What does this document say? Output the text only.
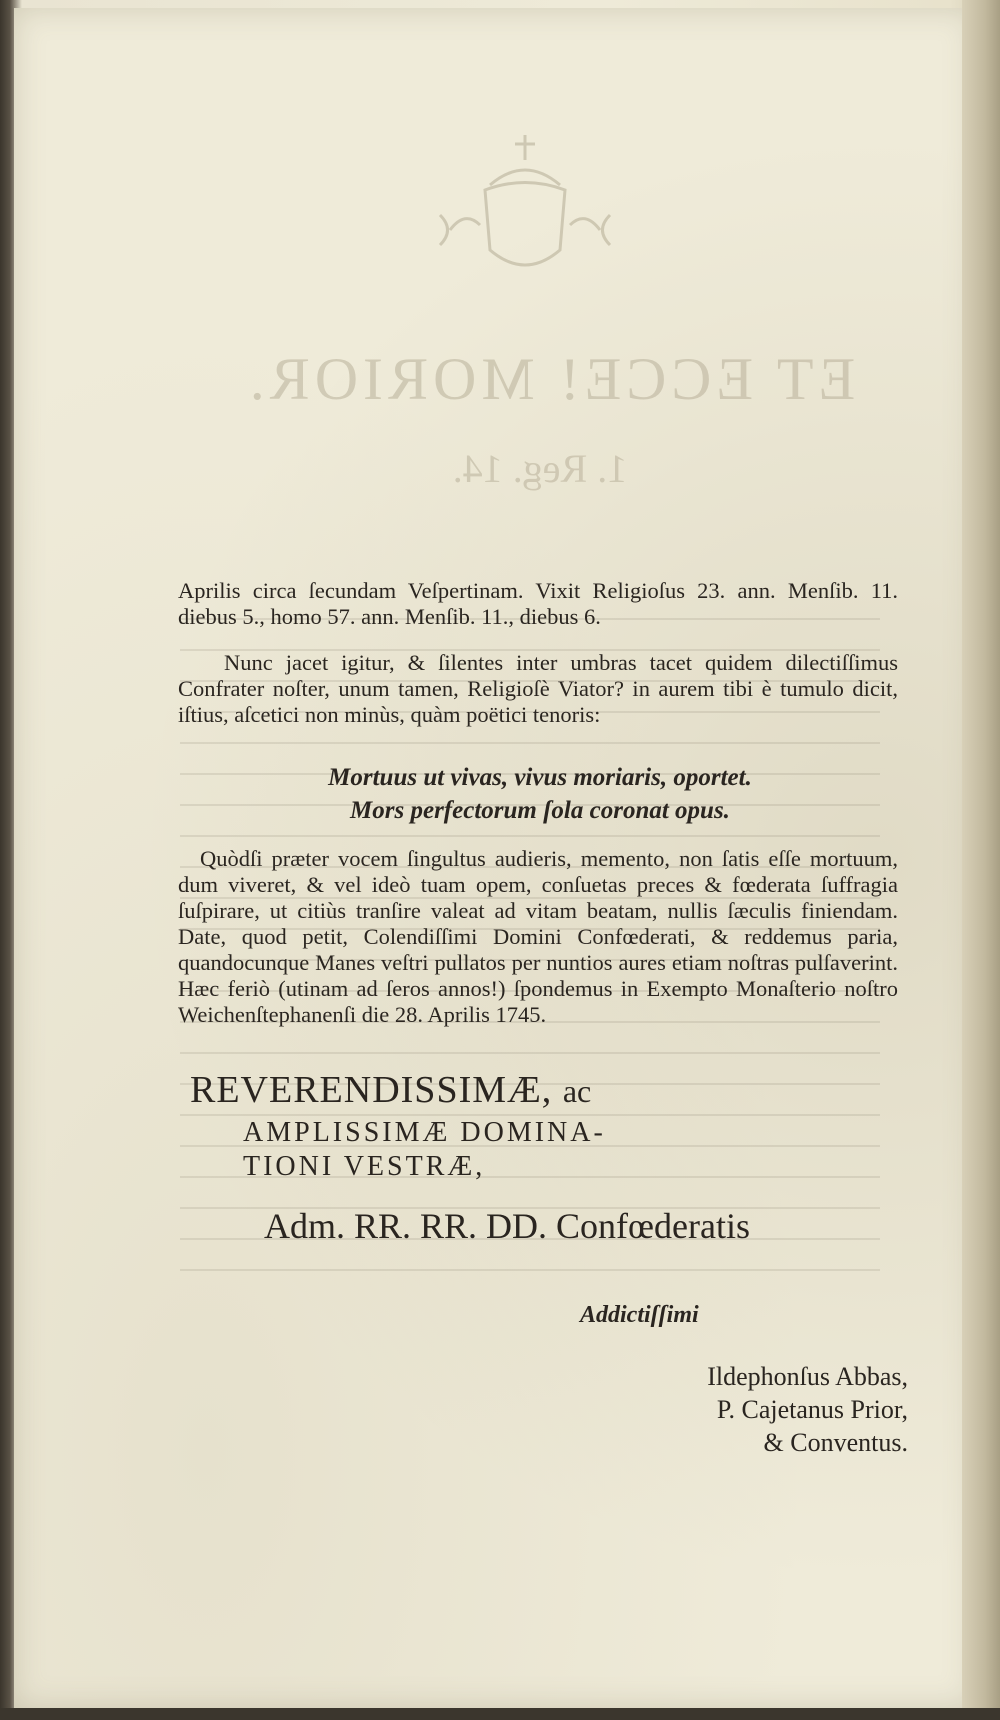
ET ECCE! MORIOR.
1. Reg. 14.

Aprilis circa ſecundam Veſpertinam. Vixit Religioſus 23. ann. Menſib. 11. diebus 5., homo 57. ann. Menſib. 11., diebus 6.

Nunc jacet igitur, & ſilentes inter umbras tacet quidem dilectiſſimus Confrater noſter, unum tamen, Religioſè Viator? in aurem tibi è tumulo dicit, iſtius, aſcetici non minùs, quàm poëtici tenoris:

Mortuus ut vivas, vivus moriaris, oportet.
Mors perfectorum ſola coronat opus.

Quòdſi præter vocem ſingultus audieris, memento, non ſatis eſſe mortuum, dum viveret, & vel ideò tuam opem, conſuetas preces & fœderata ſuffragia ſuſpirare, ut citiùs tranſire valeat ad vitam beatam, nullis ſæculis finiendam. Date, quod petit, Colendiſſimi Domini Confœderati, & reddemus paria, quandocunque Manes veſtri pullatos per nuntios aures etiam noſtras pulſaverint. Hæc feriò (utinam ad ſeros annos!) ſpondemus in Exempto Monaſterio noſtro Weichenſtephanenſi die 28. Aprilis 1745.

REVERENDISSIMÆ, ac
AMPLISSIMÆ DOMINA-
TIONI VESTRÆ,
Adm. RR. RR. DD. Confœderatis
Addictiſſimi
Ildephonſus Abbas,
P. Cajetanus Prior,
& Conventus.
